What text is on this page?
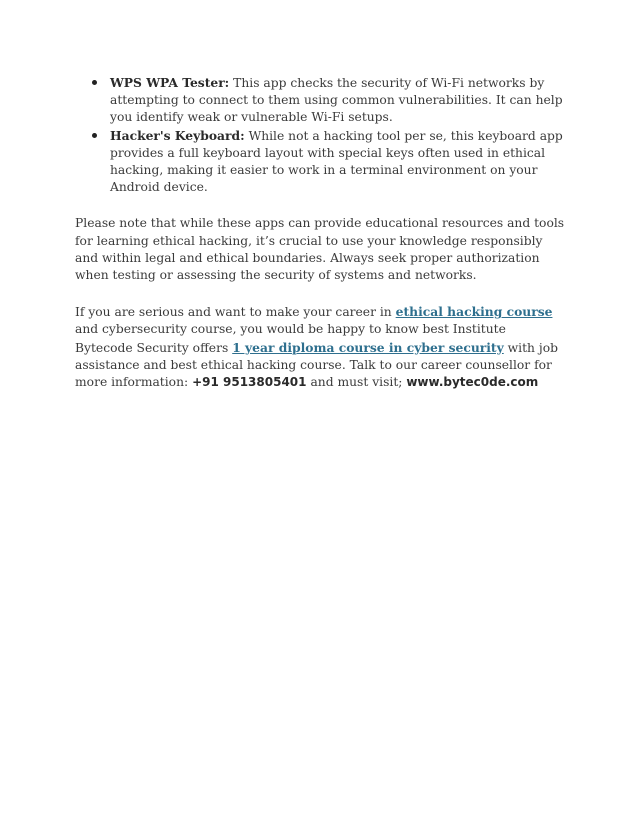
WPS WPA Tester: This app checks the security of Wi-Fi networks by attempting to connect to them using common vulnerabilities. It can help you identify weak or vulnerable Wi-Fi setups.
Hacker's Keyboard: While not a hacking tool per se, this keyboard app provides a full keyboard layout with special keys often used in ethical hacking, making it easier to work in a terminal environment on your Android device.

Please note that while these apps can provide educational resources and tools for learning ethical hacking, it’s crucial to use your knowledge responsibly and within legal and ethical boundaries. Always seek proper authorization when testing or assessing the security of systems and networks.

If you are serious and want to make your career in ethical hacking course and cybersecurity course, you would be happy to know best Institute Bytecode Security offers 1 year diploma course in cyber security with job assistance and best ethical hacking course. Talk to our career counsellor for more information: +91 9513805401 and must visit; www.bytec0de.com
